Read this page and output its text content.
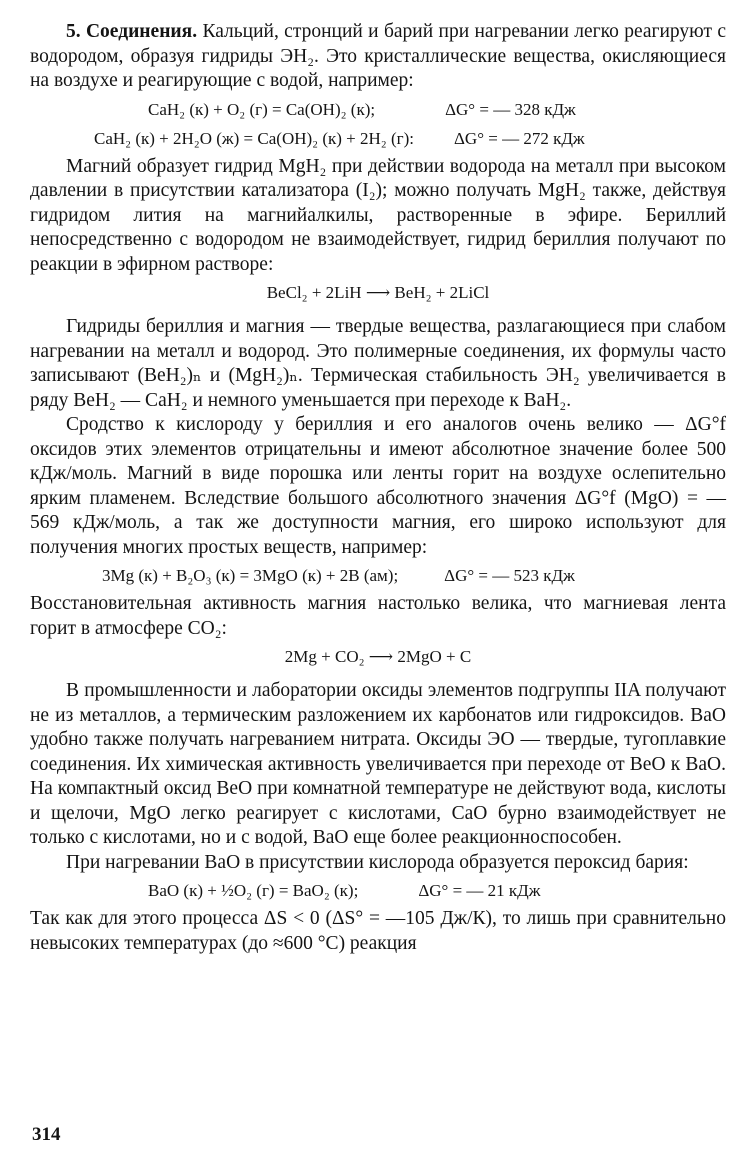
5. Соединения. Кальций, стронций и барий при нагревании легко реагируют с водородом, образуя гидриды ЭН₂. Это кристаллические вещества, окисляющиеся на воздухе и реагирующие с водой, например:

CaH₂ (к) + O₂ (г) = Ca(OH)₂ (к);	ΔG° = — 328 кДж
CaH₂ (к) + 2H₂O (ж) = Ca(OH)₂ (к) + 2H₂ (г): ΔG° = — 272 кДж

Магний образует гидрид MgH₂ при действии водорода на металл при высоком давлении в присутствии катализатора (I₂); можно получать MgH₂ также, действуя гидридом лития на магнийалкилы, растворенные в эфире. Бериллий непосредственно с водородом не взаимодействует, гидрид бериллия получают по реакции в эфирном растворе:

BeCl₂ + 2LiH ⟶ BeH₂ + 2LiCl

Гидриды бериллия и магния — твердые вещества, разлагающиеся при слабом нагревании на металл и водород. Это полимерные соединения, их формулы часто записывают (BeH₂)ₙ и (MgH₂)ₙ. Термическая стабильность ЭН₂ увеличивается в ряду BeH₂ — CaH₂ и немного уменьшается при переходе к BaH₂.

Сродство к кислороду у бериллия и его аналогов очень велико — ΔG°f оксидов этих элементов отрицательны и имеют абсолютное значение более 500 кДж/моль. Магний в виде порошка или ленты горит на воздухе ослепительно ярким пламенем. Вследствие большого абсолютного значения ΔG°f (MgO) = — 569 кДж/моль, а так же доступности магния, его широко используют для получения многих простых веществ, например:

3Mg (к) + B₂O₃ (к) = 3MgO (к) + 2B (ам);	ΔG° = — 523 кДж

Восстановительная активность магния настолько велика, что магниевая лента горит в атмосфере CO₂:

2Mg + CO₂ ⟶ 2MgO + C

В промышленности и лаборатории оксиды элементов подгруппы IIA получают не из металлов, а термическим разложением их карбонатов или гидроксидов. BaO удобно также получать нагреванием нитрата. Оксиды ЭО — твердые, тугоплавкие соединения. Их химическая активность увеличивается при переходе от BeO к BaO. На компактный оксид BeO при комнатной температуре не действуют вода, кислоты и щелочи, MgO легко реагирует с кислотами, CaO бурно взаимодействует не только с кислотами, но и с водой, BaO еще более реакционноспособен.

При нагревании BaO в присутствии кислорода образуется пероксид бария:

BaO (к) + ½O₂ (г) = BaO₂ (к);	ΔG° = — 21 кДж

Так как для этого процесса ΔS < 0 (ΔS° = —105 Дж/К), то лишь при сравнительно невысоких температурах (до ≈600 °С) реакция

314
